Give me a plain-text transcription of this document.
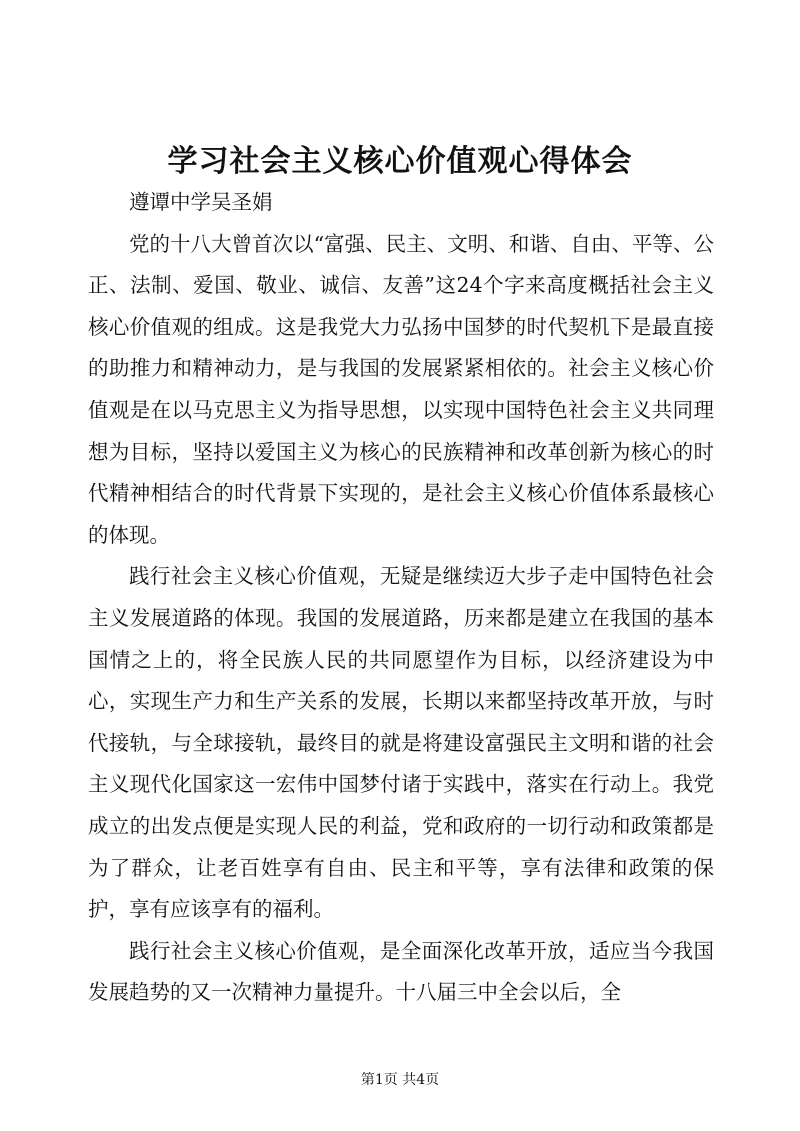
学习社会主义核心价值观心得体会

遵谭中学吴圣娟

党的十八大曾首次以“富强、民主、文明、和谐、自由、平等、公正、法制、爱国、敬业、诚信、友善”这24个字来高度概括社会主义核心价值观的组成。这是我党大力弘扬中国梦的时代契机下是最直接的助推力和精神动力，是与我国的发展紧紧相依的。社会主义核心价值观是在以马克思主义为指导思想，以实现中国特色社会主义共同理想为目标，坚持以爱国主义为核心的民族精神和改革创新为核心的时代精神相结合的时代背景下实现的，是社会主义核心价值体系最核心的体现。

践行社会主义核心价值观，无疑是继续迈大步子走中国特色社会主义发展道路的体现。我国的发展道路，历来都是建立在我国的基本国情之上的，将全民族人民的共同愿望作为目标，以经济建设为中心，实现生产力和生产关系的发展，长期以来都坚持改革开放，与时代接轨，与全球接轨，最终目的就是将建设富强民主文明和谐的社会主义现代化国家这一宏伟中国梦付诸于实践中，落实在行动上。我党成立的出发点便是实现人民的利益，党和政府的一切行动和政策都是为了群众，让老百姓享有自由、民主和平等，享有法律和政策的保护，享有应该享有的福利。

践行社会主义核心价值观，是全面深化改革开放，适应当今我国发展趋势的又一次精神力量提升。十八届三中全会以后，全

第1页 共4页
